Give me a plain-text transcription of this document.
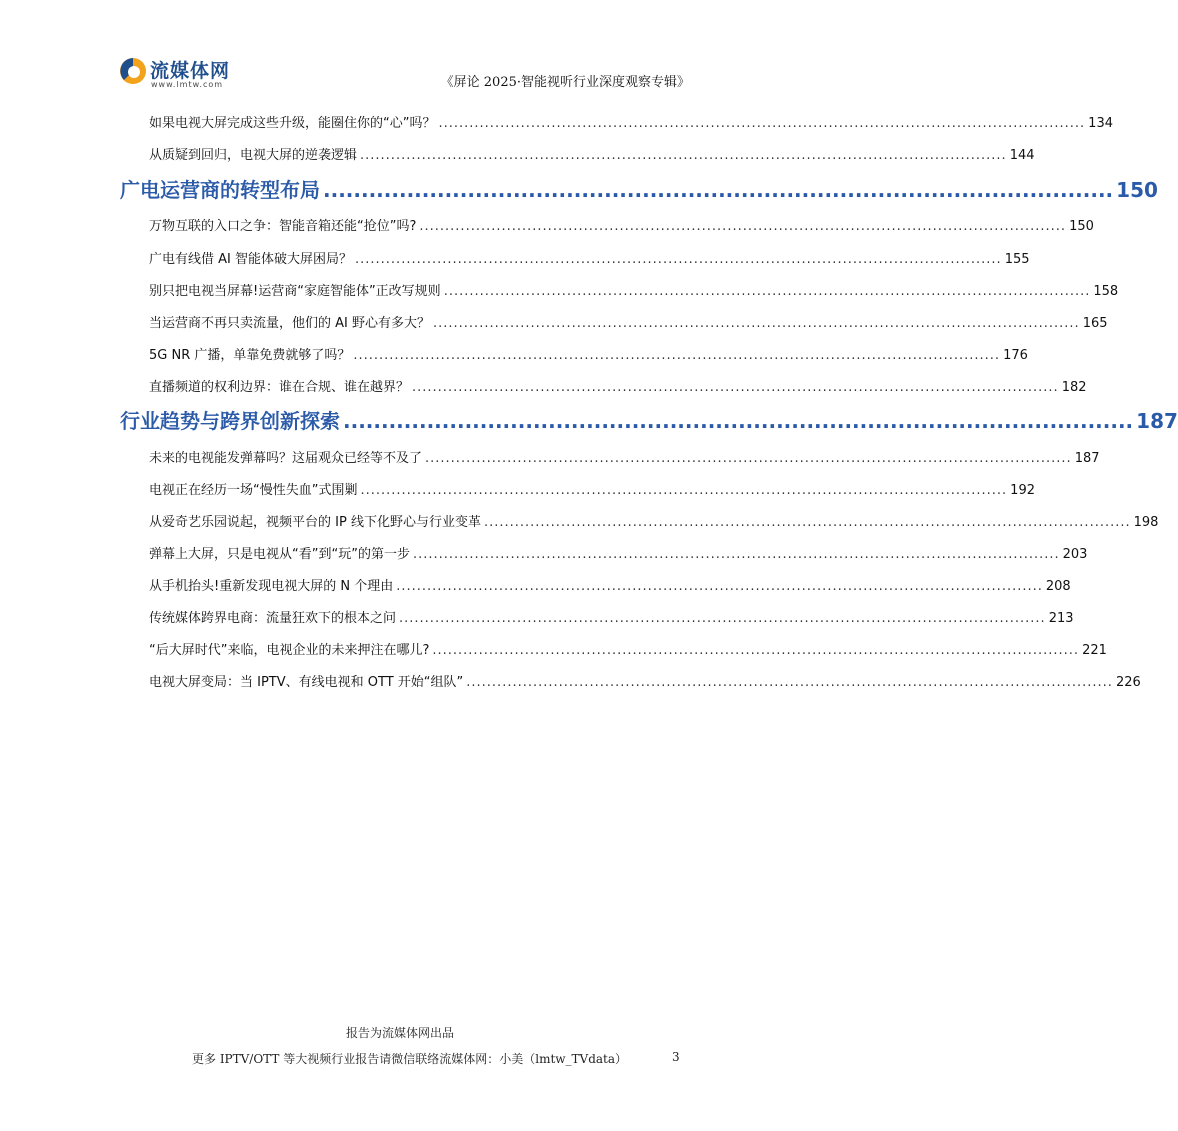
流媒体网
www.lmtw.com	《屏论 2025·智能视听行业深度观察专辑》
如果电视大屏完成这些升级，能圈住你的“心”吗？ .............................................................................................................................. 134
从质疑到回归，电视大屏的逆袭逻辑 .............................................................................................................................. 144
广电运营商的转型布局 ........................................................................................................ 150
万物互联的入口之争：智能音箱还能“抢位”吗? .............................................................................................................................. 150
广电有线借 AI 智能体破大屏困局？ .............................................................................................................................. 155
别只把电视当屏幕!运营商“家庭智能体”正改写规则 .............................................................................................................................. 158
当运营商不再只卖流量，他们的 AI 野心有多大？ .............................................................................................................................. 165
5G NR 广播，单靠免费就够了吗？ .............................................................................................................................. 176
直播频道的权利边界：谁在合规、谁在越界？ .............................................................................................................................. 182
行业趋势与跨界创新探索 ........................................................................................................ 187
未来的电视能发弹幕吗？这届观众已经等不及了 .............................................................................................................................. 187
电视正在经历一场“慢性失血”式围剿 .............................................................................................................................. 192
从爱奇艺乐园说起，视频平台的 IP 线下化野心与行业变革 .............................................................................................................................. 198
弹幕上大屏，只是电视从“看”到“玩”的第一步 .............................................................................................................................. 203
从手机抬头!重新发现电视大屏的 N 个理由 .............................................................................................................................. 208
传统媒体跨界电商：流量狂欢下的根本之问 .............................................................................................................................. 213
“后大屏时代”来临，电视企业的未来押注在哪儿? .............................................................................................................................. 221
电视大屏变局：当 IPTV、有线电视和 OTT 开始“组队” .............................................................................................................................. 226
报告为流媒体网出品
更多 IPTV/OTT 等大视频行业报告请微信联络流媒体网：小美（lmtw_TVdata）	3
